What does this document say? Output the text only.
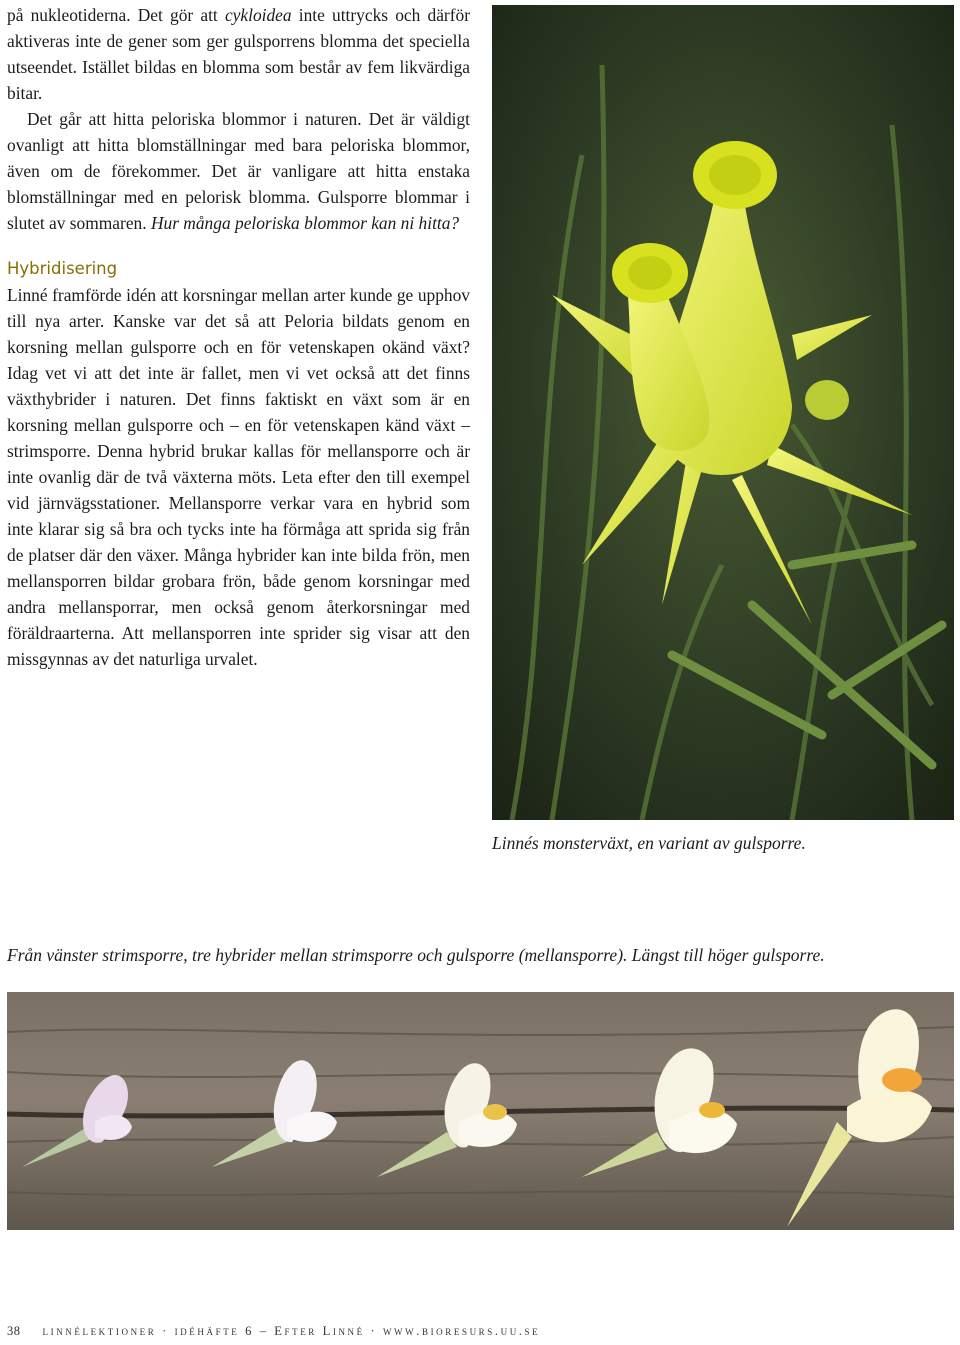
på nukleotiderna. Det gör att cykloidea inte uttrycks och därför aktiveras inte de gener som ger gulsporrens blomma det speciella utseendet. Istället bildas en blomma som består av fem likvärdiga bitar.

Det går att hitta peloriska blommor i naturen. Det är väldigt ovanligt att hitta blomställningar med bara peloriska blommor, även om de förekommer. Det är vanligare att hitta enstaka blomställningar med en pelorisk blomma. Gulsporre blommar i slutet av sommaren. Hur många peloriska blommor kan ni hitta?

Hybridisering

Linné framförde idén att korsningar mellan arter kunde ge upphov till nya arter. Kanske var det så att Peloria bildats genom en korsning mellan gulsporre och en för vetenskapen okänd växt? Idag vet vi att det inte är fallet, men vi vet också att det finns växthybrider i naturen. Det finns faktiskt en växt som är en korsning mellan gulsporre och – en för vetenskapen känd växt – strimsporre. Denna hybrid brukar kallas för mellansporre och är inte ovanlig där de två växterna möts. Leta efter den till exempel vid järnvägsstationer. Mellansporre verkar vara en hybrid som inte klarar sig så bra och tycks inte ha förmåga att sprida sig från de platser där den växer. Många hybrider kan inte bilda frön, men mellansporren bildar grobara frön, både genom korsningar med andra mellansporrar, men också genom återkorsningar med föräldraarterna. Att mellansporren inte sprider sig visar att den missgynnas av det naturliga urvalet.

Linnés monsterväxt, en variant av gulsporre.
Från vänster strimsporre, tre hybrider mellan strimsporre och gulsporre (mellansporre). Längst till höger gulsporre.
38 linnélektioner · idéhäfte 6 – Efter Linné · www.bioresurs.uu.se
